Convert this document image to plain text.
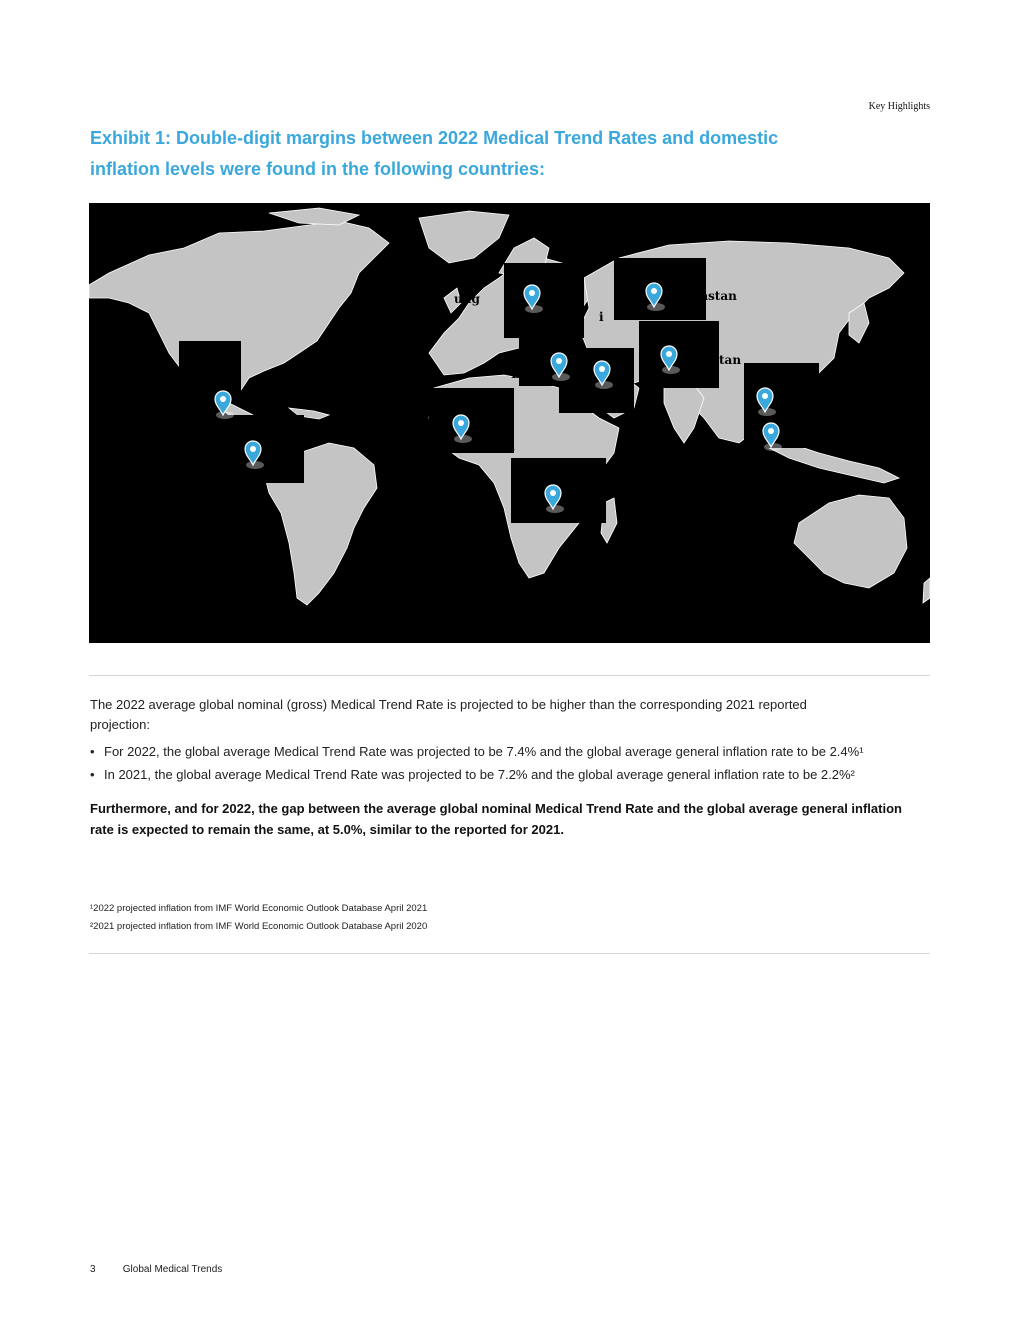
Key Highlights
Exhibit 1: Double-digit margins between 2022 Medical Trend Rates and domestic inflation levels were found in the following countries:
ung	khstan
i
tan
E
t
The 2022 average global nominal (gross) Medical Trend Rate is projected to be higher than the corresponding 2021 reported projection:
• For 2022, the global average Medical Trend Rate was projected to be 7.4% and the global average general inflation rate to be 2.4%¹
• In 2021, the global average Medical Trend Rate was projected to be 7.2% and the global average general inflation rate to be 2.2%²
Furthermore, and for 2022, the gap between the average global nominal Medical Trend Rate and the global average general inflation rate is expected to remain the same, at 5.0%, similar to the reported for 2021.
¹2022 projected inflation from IMF World Economic Outlook Database April 2021
²2021 projected inflation from IMF World Economic Outlook Database April 2020
3	Global Medical Trends
